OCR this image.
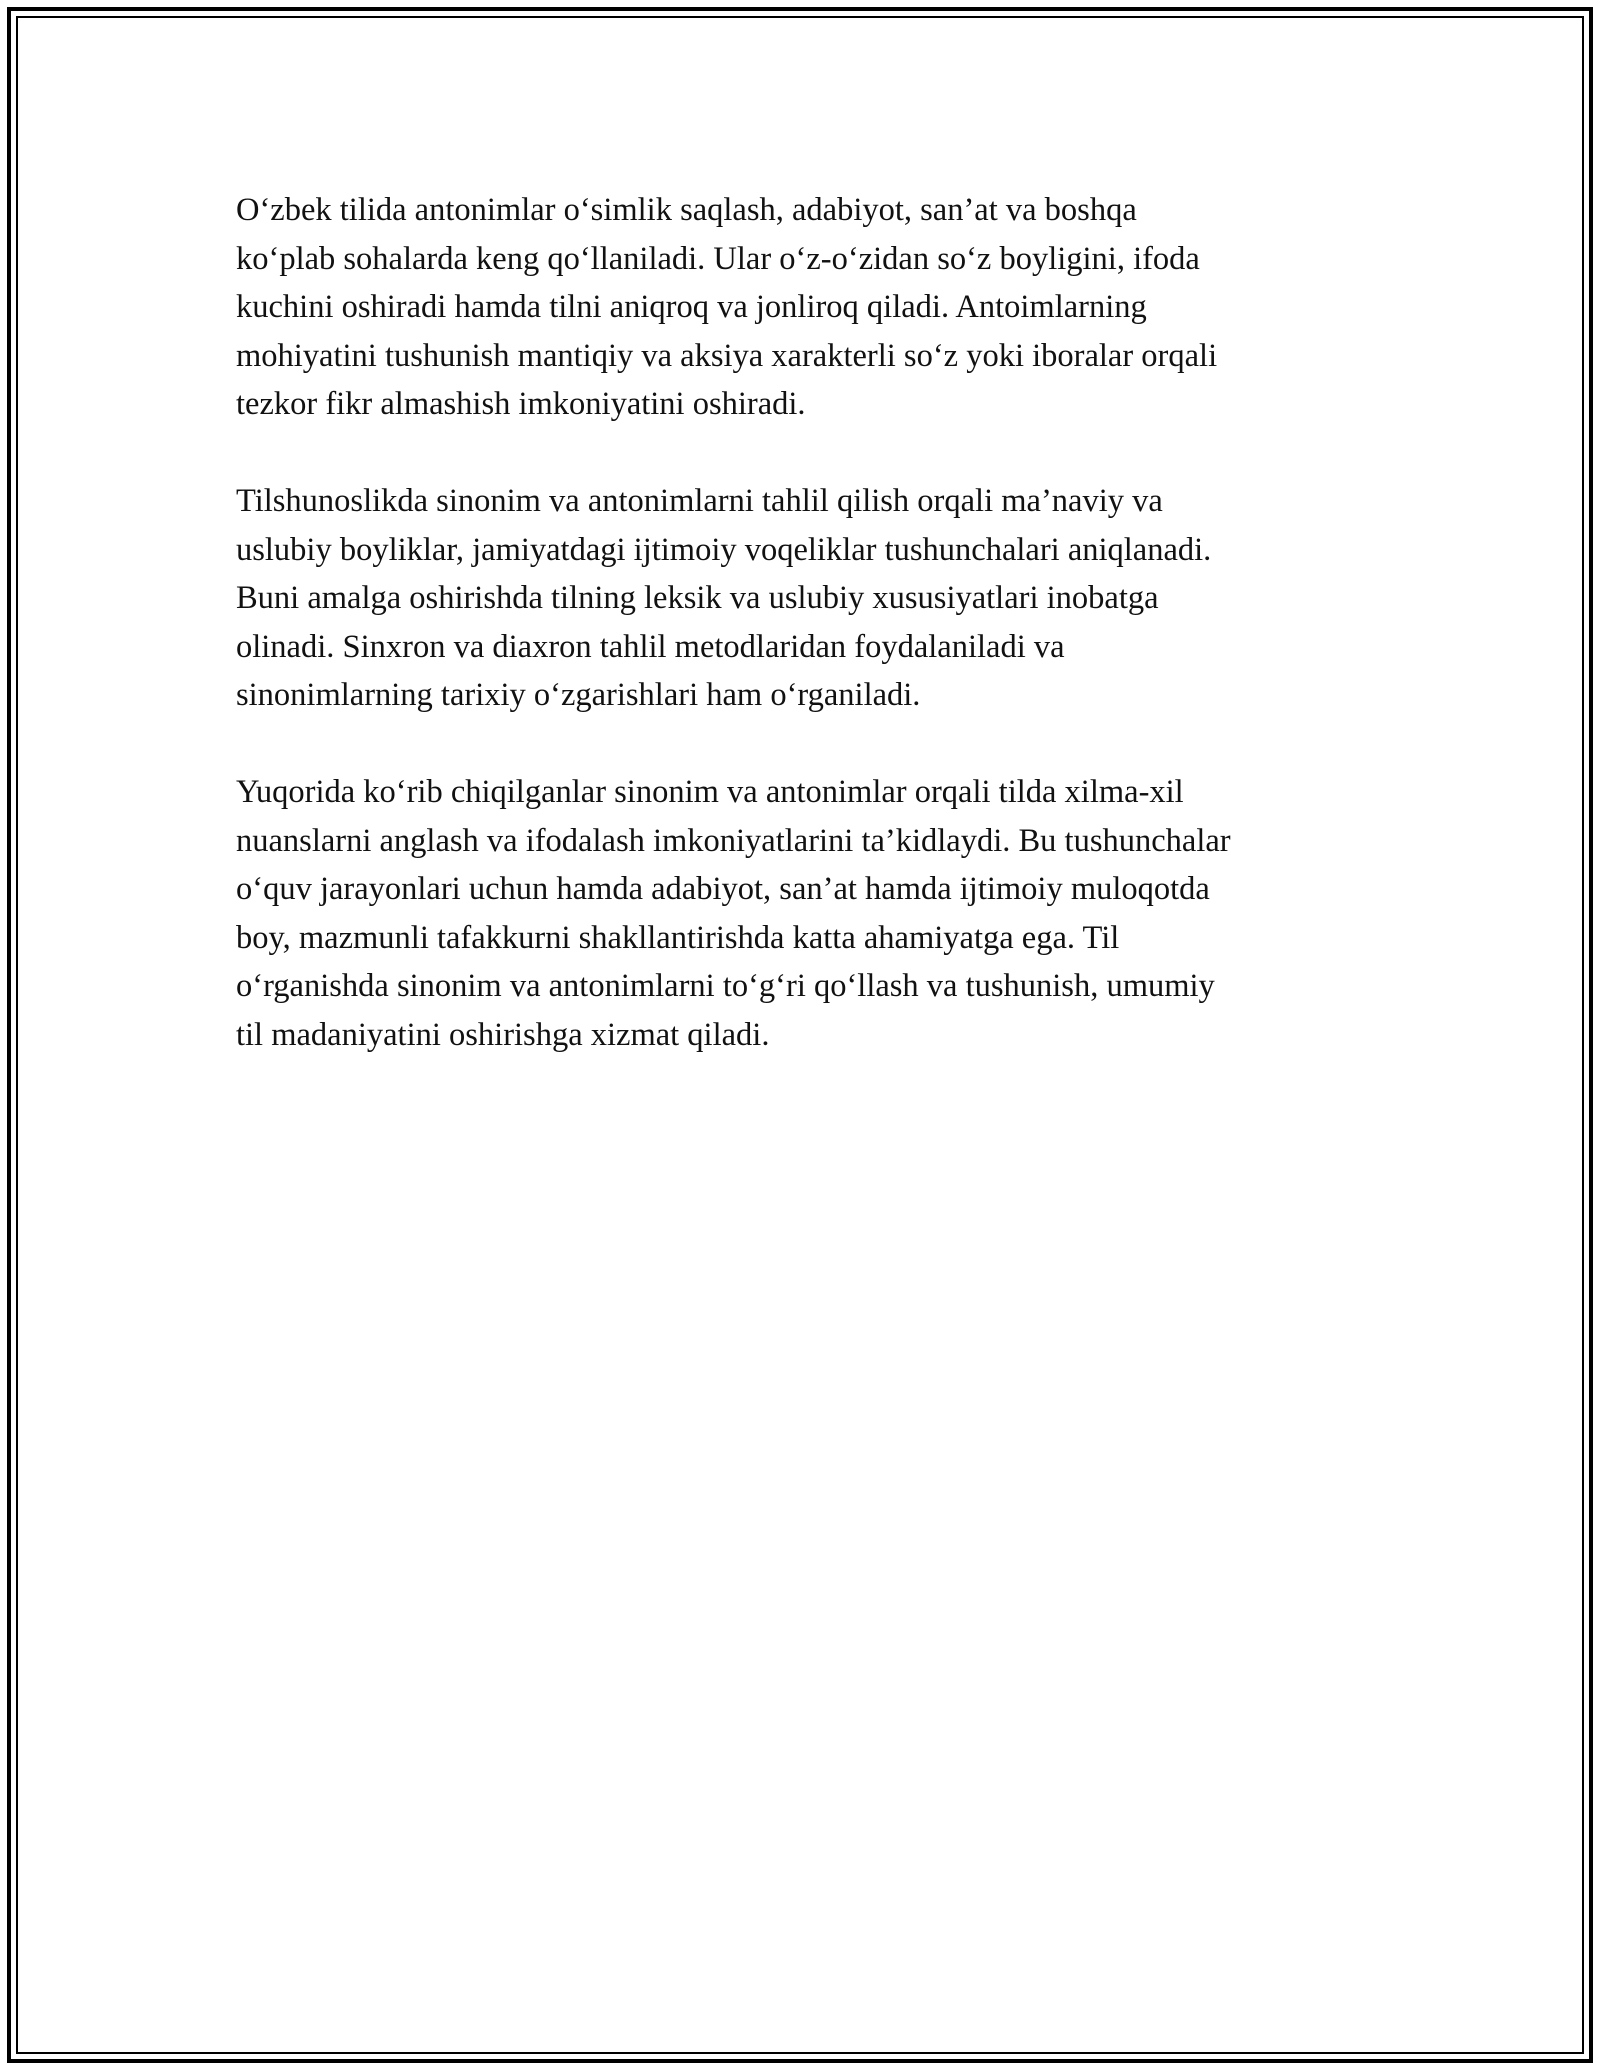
O‘zbek tilida antonimlar o‘simlik saqlash, adabiyot, san’at va boshqa
ko‘plab sohalarda keng qo‘llaniladi. Ular o‘z-o‘zidan so‘z boyligini, ifoda
kuchini oshiradi hamda tilni aniqroq va jonliroq qiladi. Antoimlarning
mohiyatini tushunish mantiqiy va aksiya xarakterli so‘z yoki iboralar orqali
tezkor fikr almashish imkoniyatini oshiradi.

Tilshunoslikda sinonim va antonimlarni tahlil qilish orqali ma’naviy va
uslubiy boyliklar, jamiyatdagi ijtimoiy voqeliklar tushunchalari aniqlanadi.
Buni amalga oshirishda tilning leksik va uslubiy xususiyatlari inobatga
olinadi. Sinxron va diaxron tahlil metodlaridan foydalaniladi va
sinonimlarning tarixiy o‘zgarishlari ham o‘rganiladi.

Yuqorida ko‘rib chiqilganlar sinonim va antonimlar orqali tilda xilma-xil
nuanslarni anglash va ifodalash imkoniyatlarini ta’kidlaydi. Bu tushunchalar
o‘quv jarayonlari uchun hamda adabiyot, san’at hamda ijtimoiy muloqotda
boy, mazmunli tafakkurni shakllantirishda katta ahamiyatga ega. Til
o‘rganishda sinonim va antonimlarni to‘g‘ri qo‘llash va tushunish, umumiy
til madaniyatini oshirishga xizmat qiladi.
